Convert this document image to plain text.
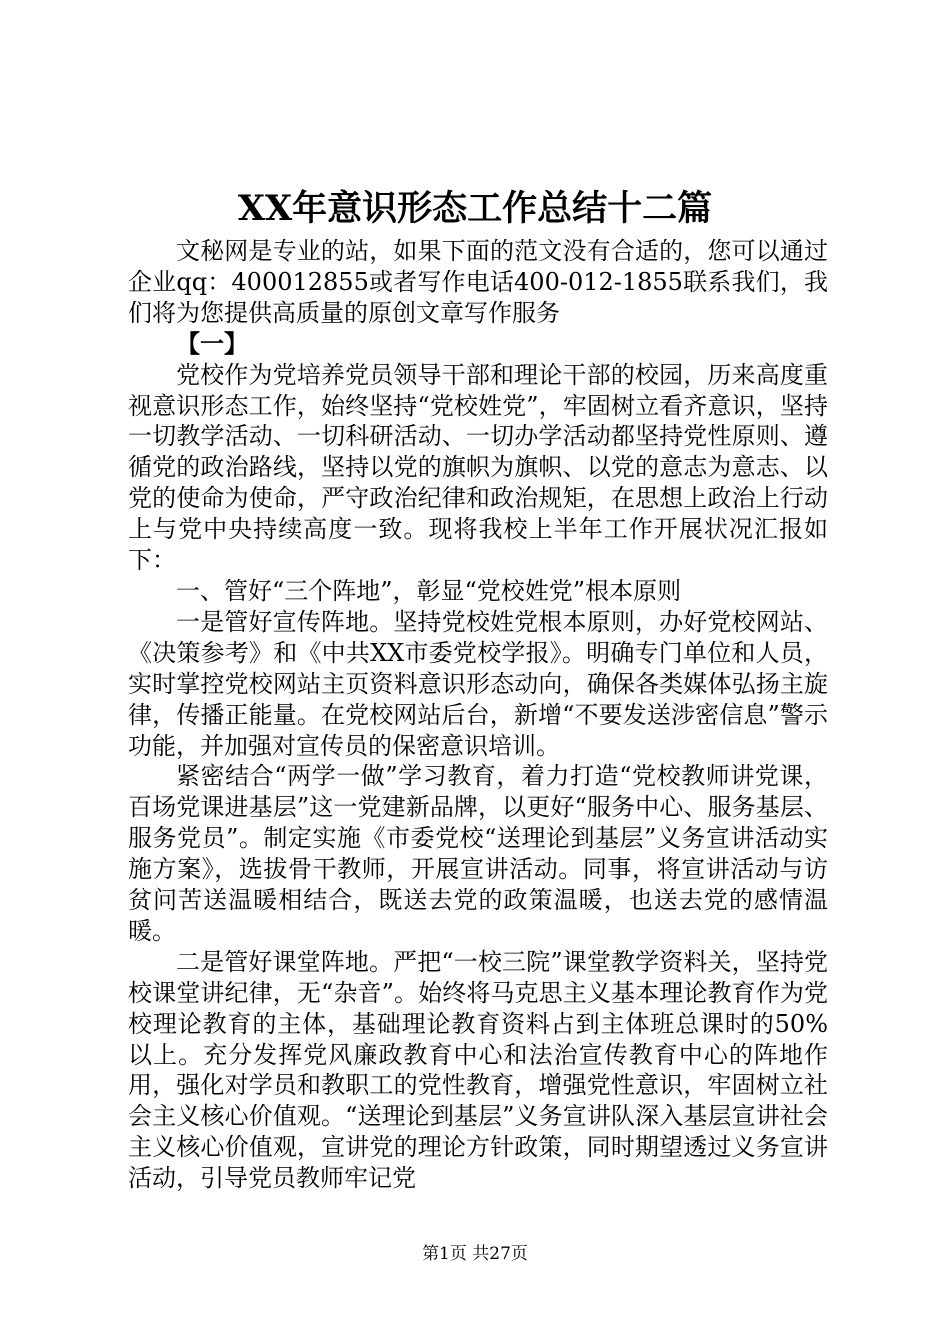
XX年意识形态工作总结十二篇

文秘网是专业的站，如果下面的范文没有合适的，您可以通过企业qq：400012855或者写作电话400-012-1855联系我们，我们将为您提供高质量的原创文章写作服务

【一】

党校作为党培养党员领导干部和理论干部的校园，历来高度重视意识形态工作，始终坚持“党校姓党”，牢固树立看齐意识，坚持一切教学活动、一切科研活动、一切办学活动都坚持党性原则、遵循党的政治路线，坚持以党的旗帜为旗帜、以党的意志为意志、以党的使命为使命，严守政治纪律和政治规矩，在思想上政治上行动上与党中央持续高度一致。现将我校上半年工作开展状况汇报如下：

一、管好“三个阵地”，彰显“党校姓党”根本原则

一是管好宣传阵地。坚持党校姓党根本原则，办好党校网站、《决策参考》和《中共XX市委党校学报》。明确专门单位和人员，实时掌控党校网站主页资料意识形态动向，确保各类媒体弘扬主旋律，传播正能量。在党校网站后台，新增“不要发送涉密信息”警示功能，并加强对宣传员的保密意识培训。

紧密结合“两学一做”学习教育，着力打造“党校教师讲党课，百场党课进基层”这一党建新品牌，以更好“服务中心、服务基层、服务党员”。制定实施《市委党校“送理论到基层”义务宣讲活动实施方案》，选拔骨干教师，开展宣讲活动。同事，将宣讲活动与访贫问苦送温暖相结合，既送去党的政策温暖，也送去党的感情温暖。

二是管好课堂阵地。严把“一校三院”课堂教学资料关，坚持党校课堂讲纪律，无“杂音”。始终将马克思主义基本理论教育作为党校理论教育的主体，基础理论教育资料占到主体班总课时的50%以上。充分发挥党风廉政教育中心和法治宣传教育中心的阵地作用，强化对学员和教职工的党性教育，增强党性意识，牢固树立社会主义核心价值观。“送理论到基层”义务宣讲队深入基层宣讲社会主义核心价值观，宣讲党的理论方针政策，同时期望透过义务宣讲活动，引导党员教师牢记党

第1页 共27页
